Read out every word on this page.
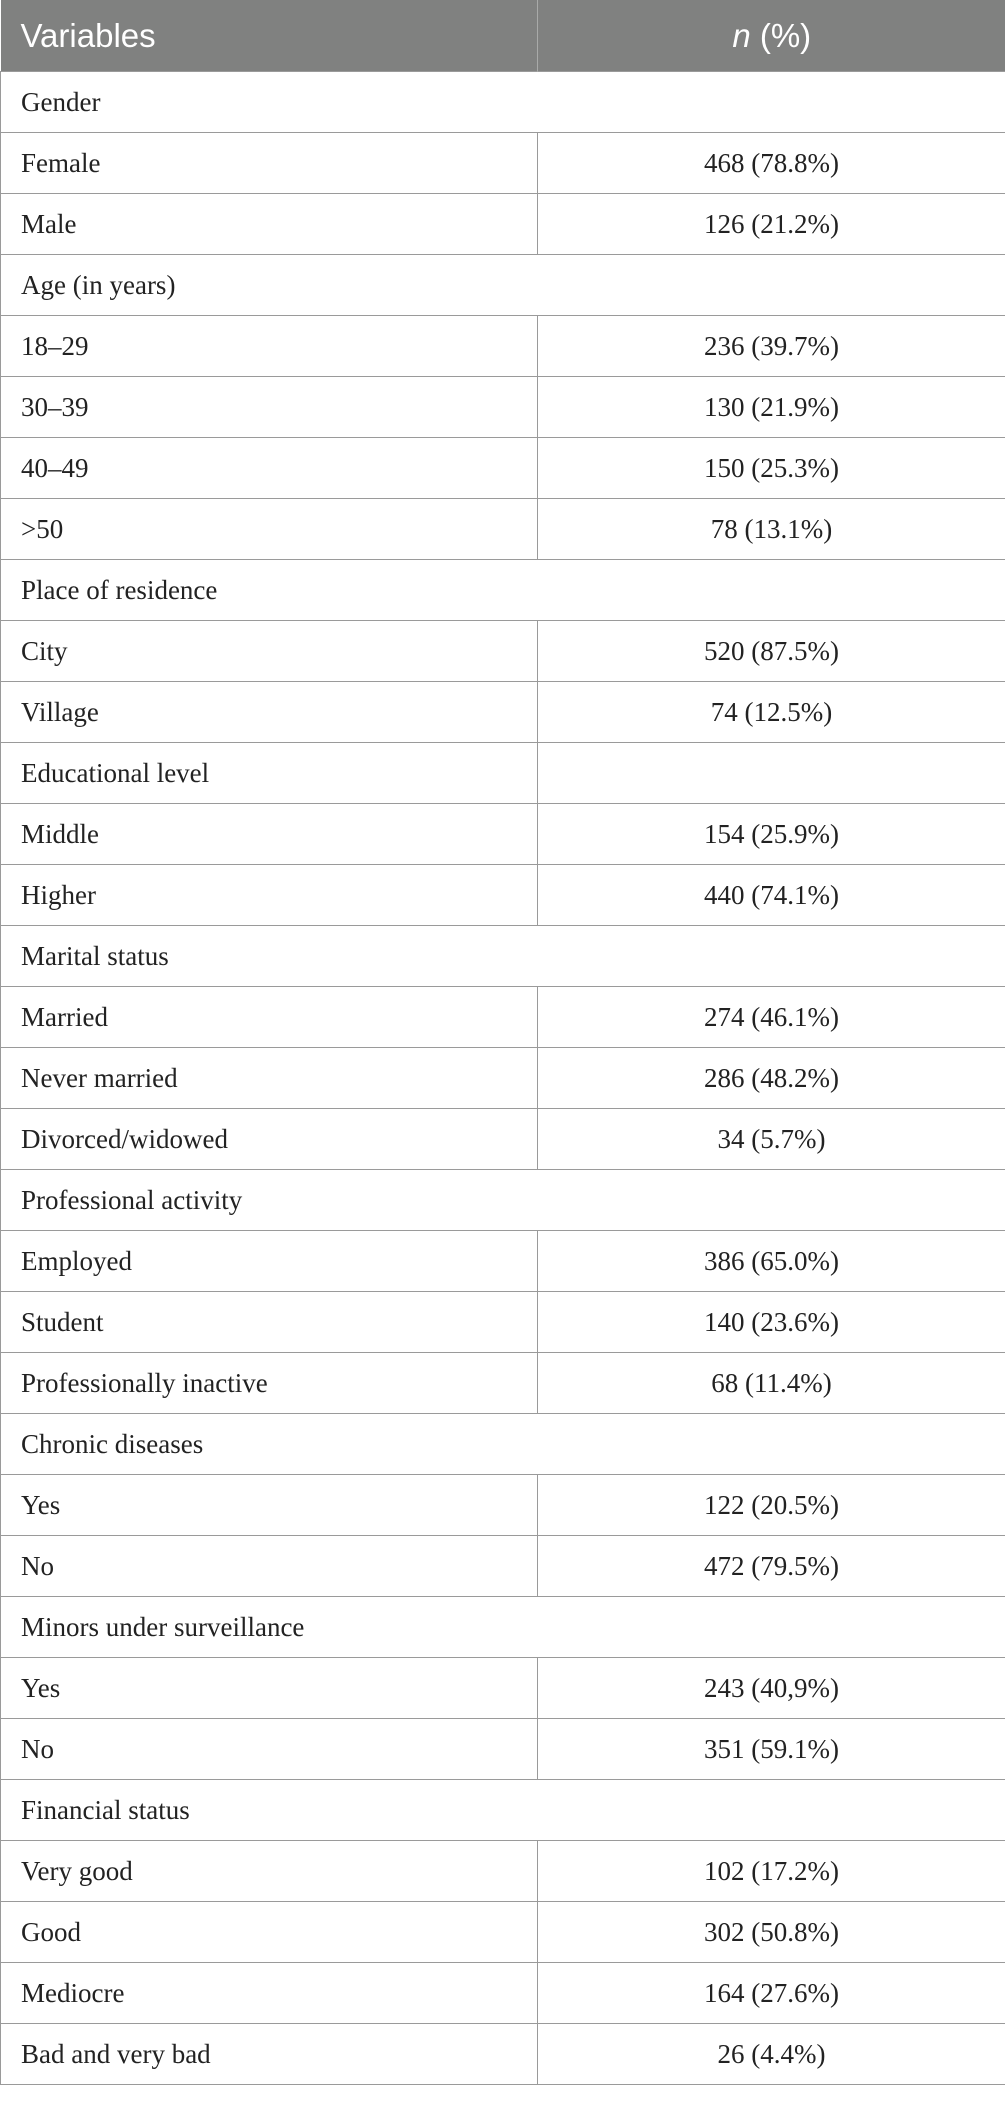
Variables	n (%)
Gender	
Female	468 (78.8%)
Male	126 (21.2%)
Age (in years)	
18–29	236 (39.7%)
30–39	130 (21.9%)
40–49	150 (25.3%)
>50	78 (13.1%)
Place of residence	
City	520 (87.5%)
Village	74 (12.5%)
Educational level	
Middle	154 (25.9%)
Higher	440 (74.1%)
Marital status	
Married	274 (46.1%)
Never married	286 (48.2%)
Divorced/widowed	34 (5.7%)
Professional activity	
Employed	386 (65.0%)
Student	140 (23.6%)
Professionally inactive	68 (11.4%)
Chronic diseases	
Yes	122 (20.5%)
No	472 (79.5%)
Minors under surveillance	
Yes	243 (40,9%)
No	351 (59.1%)
Financial status	
Very good	102 (17.2%)
Good	302 (50.8%)
Mediocre	164 (27.6%)
Bad and very bad	26 (4.4%)
